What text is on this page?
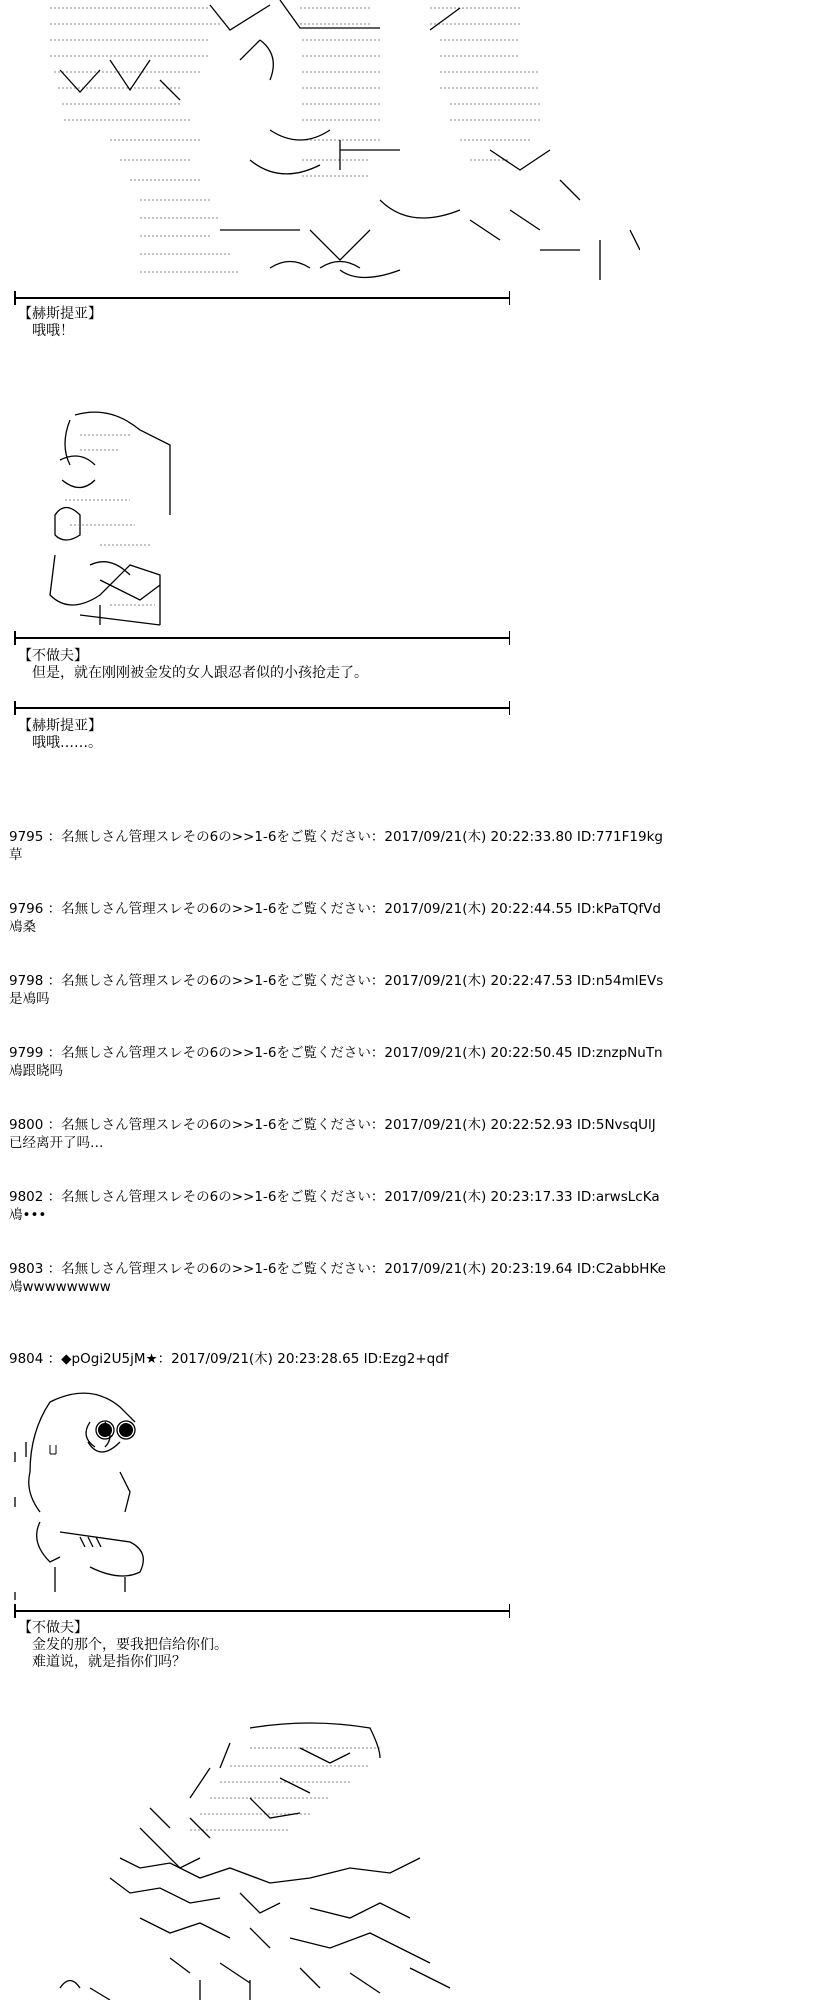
【赫斯提亚】
哦哦！
【不做夫】
但是，就在刚刚被金发的女人跟忍者似的小孩抢走了。
【赫斯提亚】
哦哦……。
9795 ：名無しさん管理スレその6の>>1-6をご覧ください：2017/09/21(木) 20:22:33.80 ID:771F19kg
草
9796 ：名無しさん管理スレその6の>>1-6をご覧ください：2017/09/21(木) 20:22:44.55 ID:kPaTQfVd
鳰桑
9798 ：名無しさん管理スレその6の>>1-6をご覧ください：2017/09/21(木) 20:22:47.53 ID:n54mlEVs
是鳰吗
9799 ：名無しさん管理スレその6の>>1-6をご覧ください：2017/09/21(木) 20:22:50.45 ID:znzpNuTn
鳰跟晓吗
9800 ：名無しさん管理スレその6の>>1-6をご覧ください：2017/09/21(木) 20:22:52.93 ID:5NvsqUlJ
已经离开了吗…
9802 ：名無しさん管理スレその6の>>1-6をご覧ください：2017/09/21(木) 20:23:17.33 ID:arwsLcKa
鳰•••
9803 ：名無しさん管理スレその6の>>1-6をご覧ください：2017/09/21(木) 20:23:19.64 ID:C2abbHKe
鳰wwwwwwww
9804 ：◆pOgi2U5jM★：2017/09/21(木) 20:23:28.65 ID:Ezg2+qdf
【不做夫】
金发的那个，要我把信给你们。
难道说，就是指你们吗？
